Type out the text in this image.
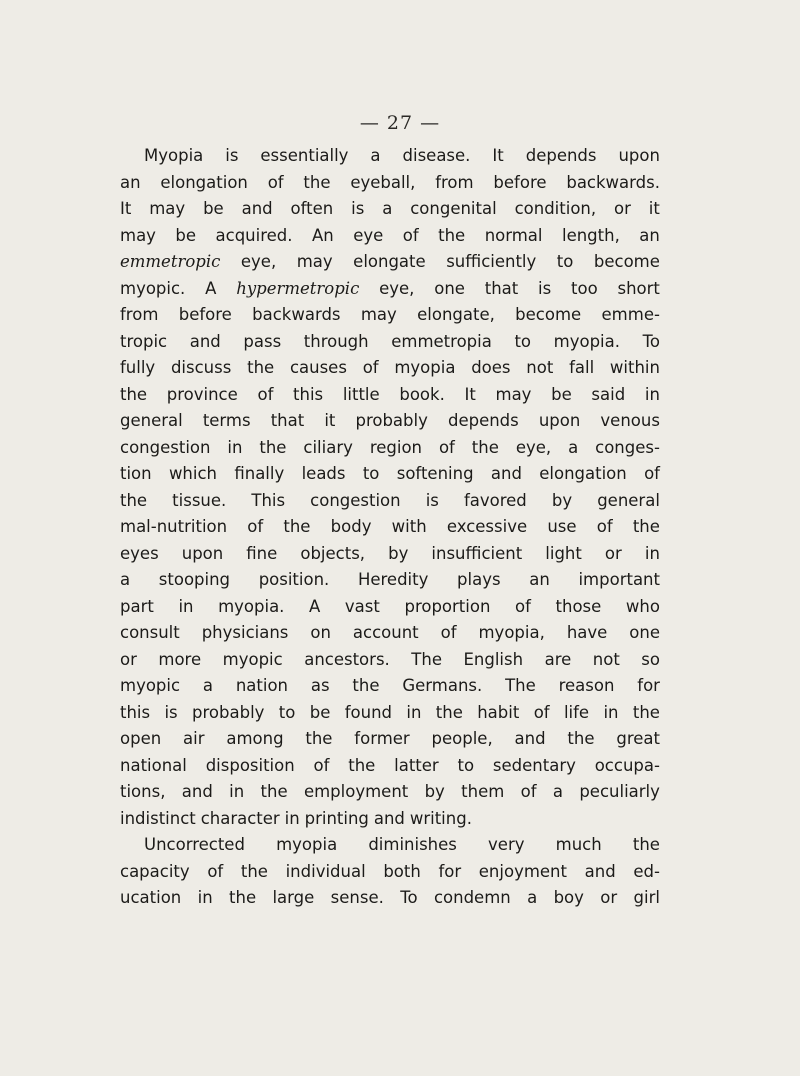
— 27 —
Myopia is essentially a disease. It depends upon
an elongation of the eyeball, from before backwards.
It may be and often is a congenital condition, or it
may be acquired. An eye of the normal length, an
emmetropic eye, may elongate sufficiently to become
myopic. A hypermetropic eye, one that is too short
from before backwards may elongate, become emme-
tropic and pass through emmetropia to myopia. To
fully discuss the causes of myopia does not fall within
the province of this little book. It may be said in
general terms that it probably depends upon venous
congestion in the ciliary region of the eye, a conges-
tion which finally leads to softening and elongation of
the tissue. This congestion is favored by general
mal-nutrition of the body with excessive use of the
eyes upon fine objects, by insufficient light or in
a stooping position. Heredity plays an important
part in myopia. A vast proportion of those who
consult physicians on account of myopia, have one
or more myopic ancestors. The English are not so
myopic a nation as the Germans. The reason for
this is probably to be found in the habit of life in the
open air among the former people, and the great
national disposition of the latter to sedentary occupa-
tions, and in the employment by them of a peculiarly
indistinct character in printing and writing.
Uncorrected myopia diminishes very much the
capacity of the individual both for enjoyment and ed-
ucation in the large sense. To condemn a boy or girl
